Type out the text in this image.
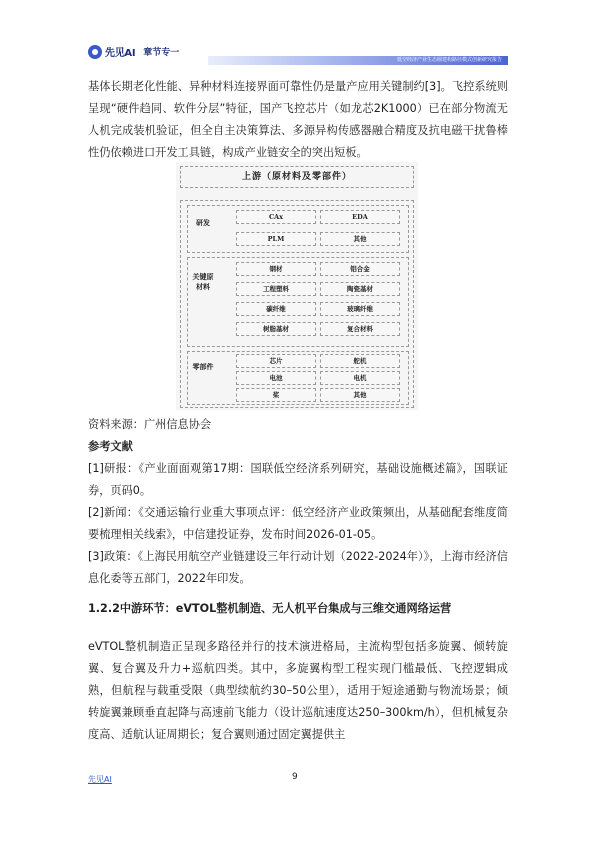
先见AI 章节专一
低空经济产业生态圈建构路径模式创新研究报告

基体长期老化性能、异种材料连接界面可靠性仍是量产应用关键制约[3]。飞控系统则呈现“硬件趋同、软件分层”特征，国产飞控芯片（如龙芯2K1000）已在部分物流无人机完成装机验证，但全自主决策算法、多源异构传感器融合精度及抗电磁干扰鲁棒性仍依赖进口开发工具链，构成产业链安全的突出短板。

上游（原材料及零部件）
研发
CAx	EDA
PLM	其他
关键原材料
钢材	铝合金
工程塑料	陶瓷基材
碳纤维	玻璃纤维
树脂基材	复合材料
零部件
芯片	舵机
电池	电机
桨	其他
资料来源：广州信息协会

参考文献

[1]研报：《产业面面观第17期：国联低空经济系列研究，基础设施概述篇》，国联证券，页码0。

[2]新闻：《交通运输行业重大事项点评：低空经济产业政策频出，从基础配套维度简要梳理相关线索》，中信建投证券，发布时间2026-01-05。

[3]政策：《上海民用航空产业链建设三年行动计划（2022-2024年）》，上海市经济信息化委等五部门，2022年印发。

1.2.2中游环节：eVTOL整机制造、无人机平台集成与三维交通网络运营

eVTOL整机制造正呈现多路径并行的技术演进格局，主流构型包括多旋翼、倾转旋翼、复合翼及升力+巡航四类。其中，多旋翼构型工程实现门槛最低、飞控逻辑成熟，但航程与载重受限（典型续航约30–50公里），适用于短途通勤与物流场景；倾转旋翼兼顾垂直起降与高速前飞能力（设计巡航速度达250–300km/h），但机械复杂度高、适航认证周期长；复合翼则通过固定翼提供主

先见AI	9
